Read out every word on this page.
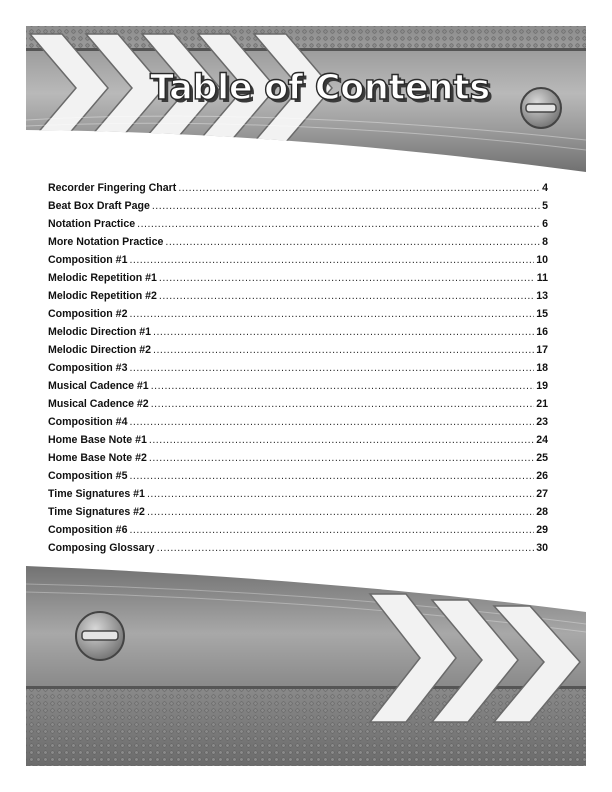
Table of Contents
Recorder Fingering Chart .....	4
Beat Box Draft Page .....	5
Notation Practice .....	6
More Notation Practice .....	8
Composition #1 .....	10
Melodic Repetition #1 .....	11
Melodic Repetition #2 .....	13
Composition #2 .....	15
Melodic Direction #1 .....	16
Melodic Direction #2 .....	17
Composition #3 .....	18
Musical Cadence #1 .....	19
Musical Cadence #2 .....	21
Composition #4 .....	23
Home Base Note #1 .....	24
Home Base Note #2 .....	25
Composition #5 .....	26
Time Signatures #1 .....	27
Time Signatures #2 .....	28
Composition #6 .....	29
Composing Glossary .....	30
